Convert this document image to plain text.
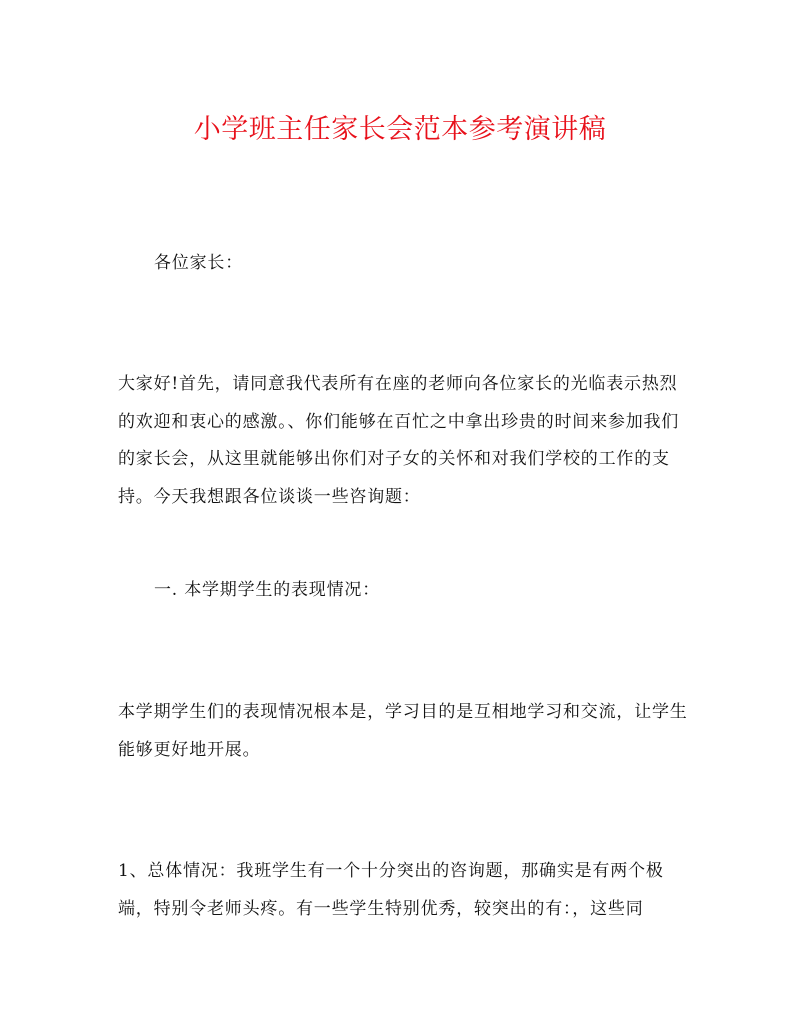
小学班主任家长会范本参考演讲稿

各位家长：

大家好!首先，请同意我代表所有在座的老师向各位家长的光临表示热烈的欢迎和衷心的感激。、你们能够在百忙之中拿出珍贵的时间来参加我们的家长会，从这里就能够出你们对子女的关怀和对我们学校的工作的支持。今天我想跟各位谈谈一些咨询题：

一. 本学期学生的表现情况：

本学期学生们的表现情况根本是，学习目的是互相地学习和交流，让学生能够更好地开展。

1、总体情况：我班学生有一个十分突出的咨询题，那确实是有两个极端，特别令老师头疼。有一些学生特别优秀，较突出的有：，这些同
